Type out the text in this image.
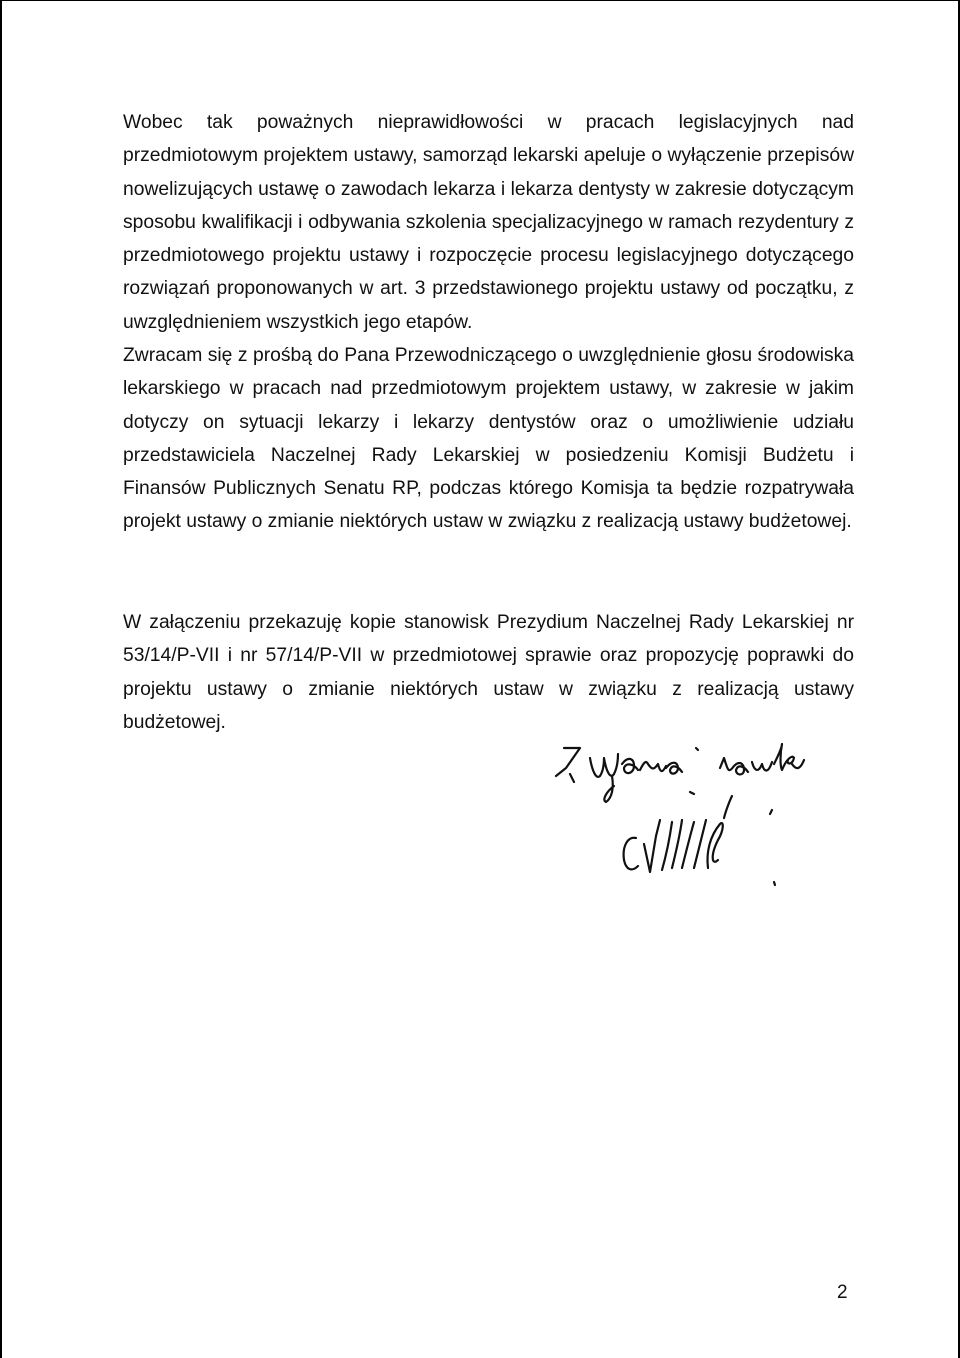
Wobec tak poważnych nieprawidłowości w pracach legislacyjnych nad przedmiotowym projektem ustawy, samorząd lekarski apeluje o wyłączenie przepisów nowelizujących ustawę o zawodach lekarza i lekarza dentysty w zakresie dotyczącym sposobu kwalifikacji i odbywania szkolenia specjalizacyjnego w ramach rezydentury z przedmiotowego projektu ustawy i rozpoczęcie procesu legislacyjnego dotyczącego rozwiązań proponowanych w art. 3 przedstawionego projektu ustawy od początku, z uwzględnieniem wszystkich jego etapów.

Zwracam się z prośbą do Pana Przewodniczącego o uwzględnienie głosu środowiska lekarskiego w pracach nad przedmiotowym projektem ustawy, w zakresie w jakim dotyczy on sytuacji lekarzy i lekarzy dentystów oraz o umożliwienie udziału przedstawiciela Naczelnej Rady Lekarskiej w posiedzeniu Komisji Budżetu i Finansów Publicznych Senatu RP, podczas którego Komisja ta będzie rozpatrywała projekt ustawy o zmianie niektórych ustaw w związku z realizacją ustawy budżetowej.

W załączeniu przekazuję kopie stanowisk Prezydium Naczelnej Rady Lekarskiej nr 53/14/P-VII i nr 57/14/P-VII w przedmiotowej sprawie oraz propozycję poprawki do projektu ustawy o zmianie niektórych ustaw w związku z realizacją ustawy budżetowej.

2
